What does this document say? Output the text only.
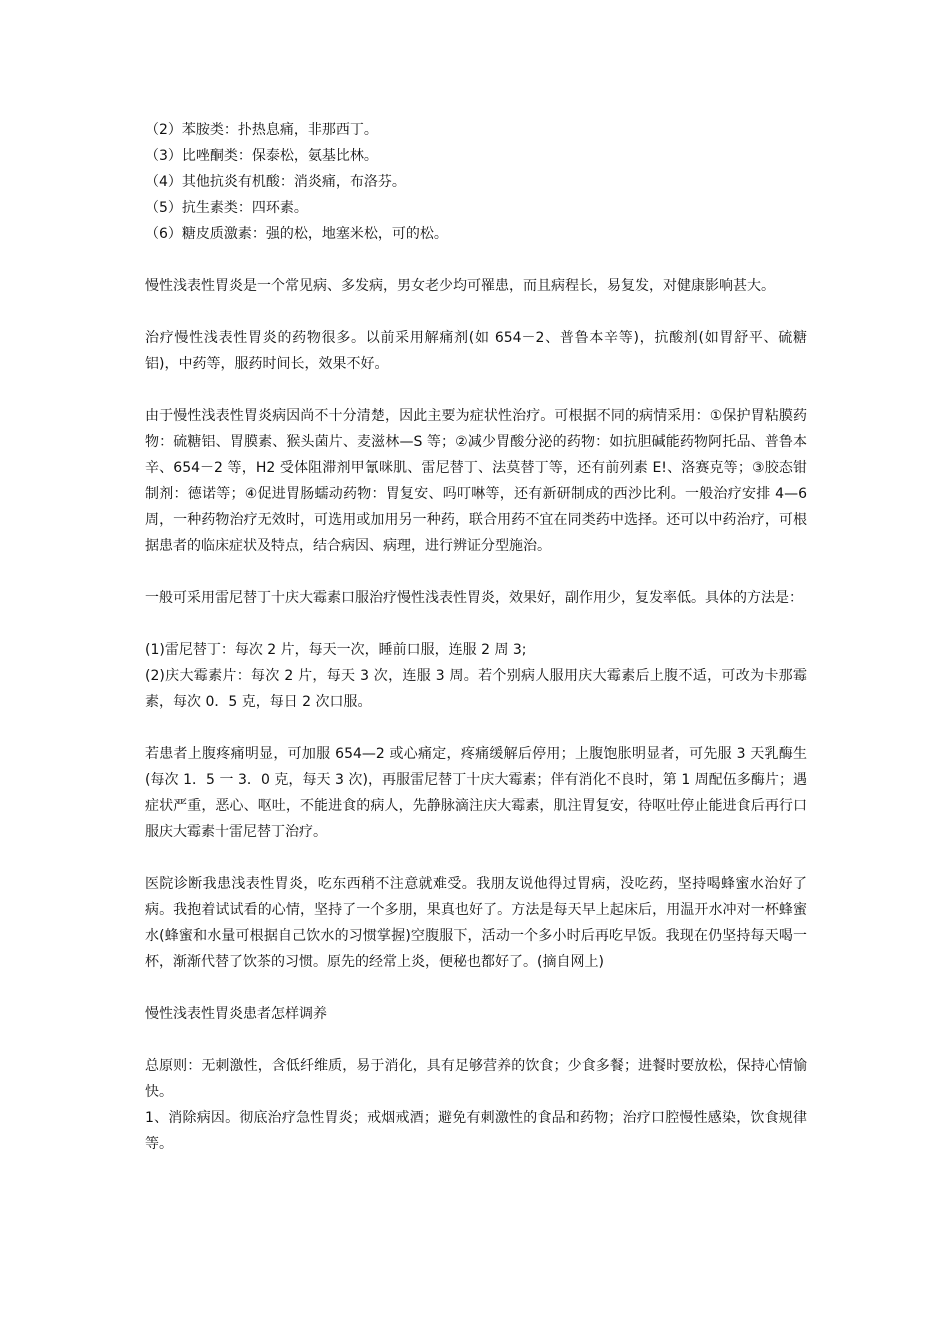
（2）苯胺类：扑热息痛，非那西丁。

（3）比唑酮类：保泰松，氨基比林。

（4）其他抗炎有机酸：消炎痛，布洛芬。

（5）抗生素类：四环素。

（6）糖皮质激素：强的松，地塞米松，可的松。

慢性浅表性胃炎是一个常见病、多发病，男女老少均可罹患，而且病程长，易复发，对健康影响甚大。

治疗慢性浅表性胃炎的药物很多。以前采用解痛剂(如 654－2、普鲁本辛等)，抗酸剂(如胃舒平、硫糖铝)，中药等，服药时间长，效果不好。

由于慢性浅表性胃炎病因尚不十分清楚，因此主要为症状性治疗。可根据不同的病情采用：①保护胃粘膜药物：硫糖铝、胃膜素、猴头菌片、麦滋林—S 等；②减少胃酸分泌的药物：如抗胆碱能药物阿托品、普鲁本辛、654－2 等，H2 受体阻滞剂甲氰咪肌、雷尼替丁、法莫替丁等，还有前列素 E!、洛赛克等；③胶态钳制剂：德诺等；④促进胃肠蠕动药物：胃复安、吗叮啉等，还有新研制成的西沙比利。一般治疗安排 4—6 周，一种药物治疗无效时，可选用或加用另一种药，联合用药不宜在同类药中选择。还可以中药治疗，可根据患者的临床症状及特点，结合病因、病理，进行辨证分型施治。

一般可采用雷尼替丁十庆大霉素口服治疗慢性浅表性胃炎，效果好，副作用少，复发率低。具体的方法是：

(1)雷尼替丁：每次 2 片，每天一次，睡前口服，连服 2 周 3;

(2)庆大霉素片：每次 2 片，每天 3 次，连服 3 周。若个别病人服用庆大霉素后上腹不适，可改为卡那霉素，每次 0．5 克，每日 2 次口服。

若患者上腹疼痛明显，可加服 654—2 或心痛定，疼痛缓解后停用；上腹饱胀明显者，可先服 3 天乳酶生(每次 1．5 一 3．0 克，每天 3 次)，再服雷尼替丁十庆大霉素；伴有消化不良时，第 1 周配伍多酶片；遇症状严重，恶心、呕吐，不能进食的病人，先静脉滴注庆大霉素，肌注胃复安，待呕吐停止能进食后再行口服庆大霉素十雷尼替丁治疗。

医院诊断我患浅表性胃炎，吃东西稍不注意就难受。我朋友说他得过胃病，没吃药，坚持喝蜂蜜水治好了病。我抱着试试看的心情，坚持了一个多朋，果真也好了。方法是每天早上起床后，用温开水冲对一杯蜂蜜水(蜂蜜和水量可根据自己饮水的习惯掌握)空腹服下，活动一个多小时后再吃早饭。我现在仍坚持每天喝一杯，渐渐代替了饮茶的习惯。原先的经常上炎，便秘也都好了。(摘自网上)

慢性浅表性胃炎患者怎样调养

总原则：无刺激性，含低纤维质，易于消化，具有足够营养的饮食；少食多餐；进餐时要放松，保持心情愉快。

1、消除病因。彻底治疗急性胃炎；戒烟戒酒；避免有刺激性的食品和药物；治疗口腔慢性感染，饮食规律等。
